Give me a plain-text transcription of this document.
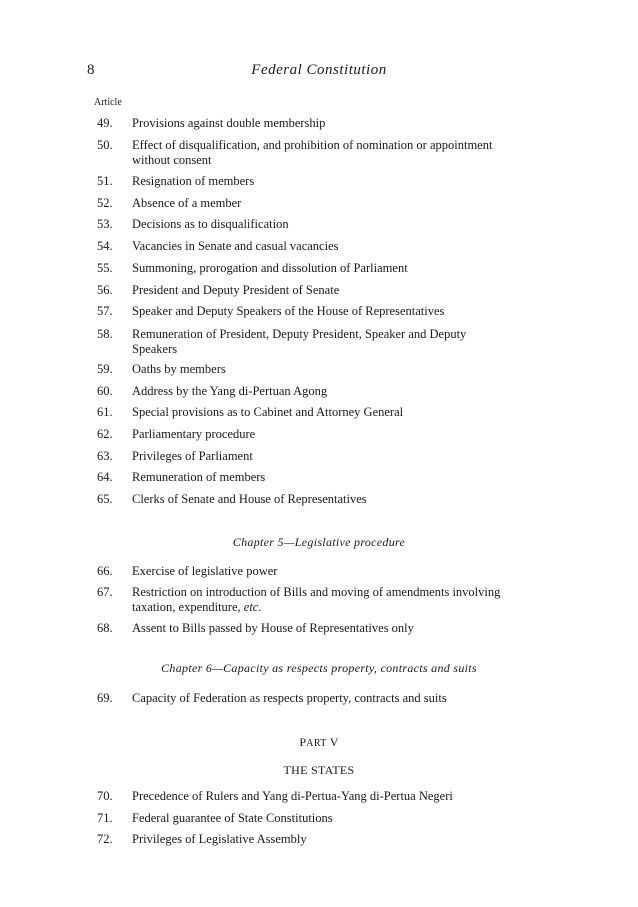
8	Federal Constitution
Article
49.	Provisions against double membership
50.	Effect of disqualification, and prohibition of nomination or appointment
without consent
51.	Resignation of members
52.	Absence of a member
53.	Decisions as to disqualification
54.	Vacancies in Senate and casual vacancies
55.	Summoning, prorogation and dissolution of Parliament
56.	President and Deputy President of Senate
57.	Speaker and Deputy Speakers of the House of Representatives
58.	Remuneration of President, Deputy President, Speaker and Deputy
Speakers
59.	Oaths by members
60.	Address by the Yang di-Pertuan Agong
61.	Special provisions as to Cabinet and Attorney General
62.	Parliamentary procedure
63.	Privileges of Parliament
64.	Remuneration of members
65.	Clerks of Senate and House of Representatives
Chapter 5—Legislative procedure
66.	Exercise of legislative power
67.	Restriction on introduction of Bills and moving of amendments involving
taxation, expenditure, etc.
68.	Assent to Bills passed by House of Representatives only
Chapter 6—Capacity as respects property, contracts and suits
69.	Capacity of Federation as respects property, contracts and suits
PART V
THE STATES
70.	Precedence of Rulers and Yang di-Pertua-Yang di-Pertua Negeri
71.	Federal guarantee of State Constitutions
72.	Privileges of Legislative Assembly
